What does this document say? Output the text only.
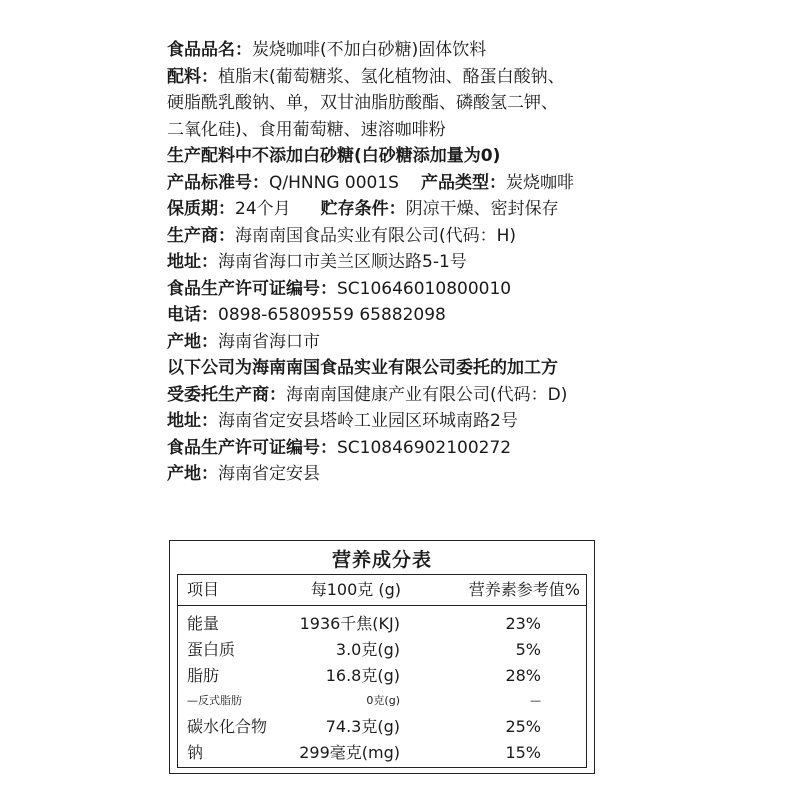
食品品名：炭烧咖啡(不加白砂糖)固体饮料
配料：植脂末(葡萄糖浆、氢化植物油、酪蛋白酸钠、
硬脂酰乳酸钠、单，双甘油脂肪酸酯、磷酸氢二钾、
二氧化硅)、食用葡萄糖、速溶咖啡粉
生产配料中不添加白砂糖(白砂糖添加量为0)
产品标准号：Q/HNNG 0001S 产品类型：炭烧咖啡
保质期：24个月 贮存条件：阴凉干燥、密封保存
生产商：海南南国食品实业有限公司(代码：H)
地址：海南省海口市美兰区顺达路5-1号
食品生产许可证编号：SC10646010800010
电话：0898-65809559 65882098
产地：海南省海口市
以下公司为海南南国食品实业有限公司委托的加工方
受委托生产商：海南南国健康产业有限公司(代码：D)
地址：海南省定安县塔岭工业园区环城南路2号
食品生产许可证编号：SC10846902100272
产地：海南省定安县
营养成分表
项目	每100克 (g)	营养素参考值%
能量	1936千焦(KJ)	23%
蛋白质	3.0克(g)	5%
脂肪	16.8克(g)	28%
—反式脂肪	0克(g)	—
碳水化合物	74.3克(g)	25%
钠	299毫克(mg)	15%
